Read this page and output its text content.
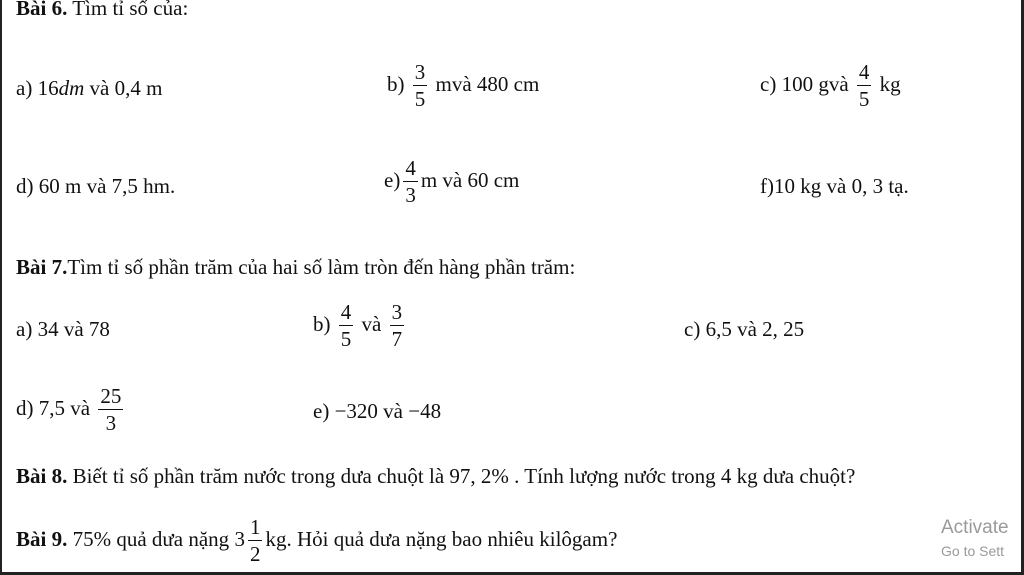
Bài 6. Tìm tỉ số của:
a) 16dm và 0,4 m	$b) \frac{3}{5}$ mvà 480 cm	c) 100 gvà $\frac{4}{5}$ kg
d) 60 m và 7,5 hm.	$e) \frac{4}{3}$ m và 60 cm	f)10 kg và 0, 3 tạ.
Bài 7.Tìm tỉ số phần trăm của hai số làm tròn đến hàng phần trăm:
a) 34 và 78	$b) \frac{4}{5}$ và $\frac{3}{7}$	c) 6,5 và 2, 25
d) 7,5 và $\frac{25}{3}$	e) −320 và −48
Bài 8. Biết tỉ số phần trăm nước trong dưa chuột là 97, 2% . Tính lượng nước trong 4 kg dưa chuột?
Bài 9. 75% quả dưa nặng $3 \frac{1}{2}$ kg. Hỏi quả dưa nặng bao nhiêu kilôgam?	Activate
Go to Sett
